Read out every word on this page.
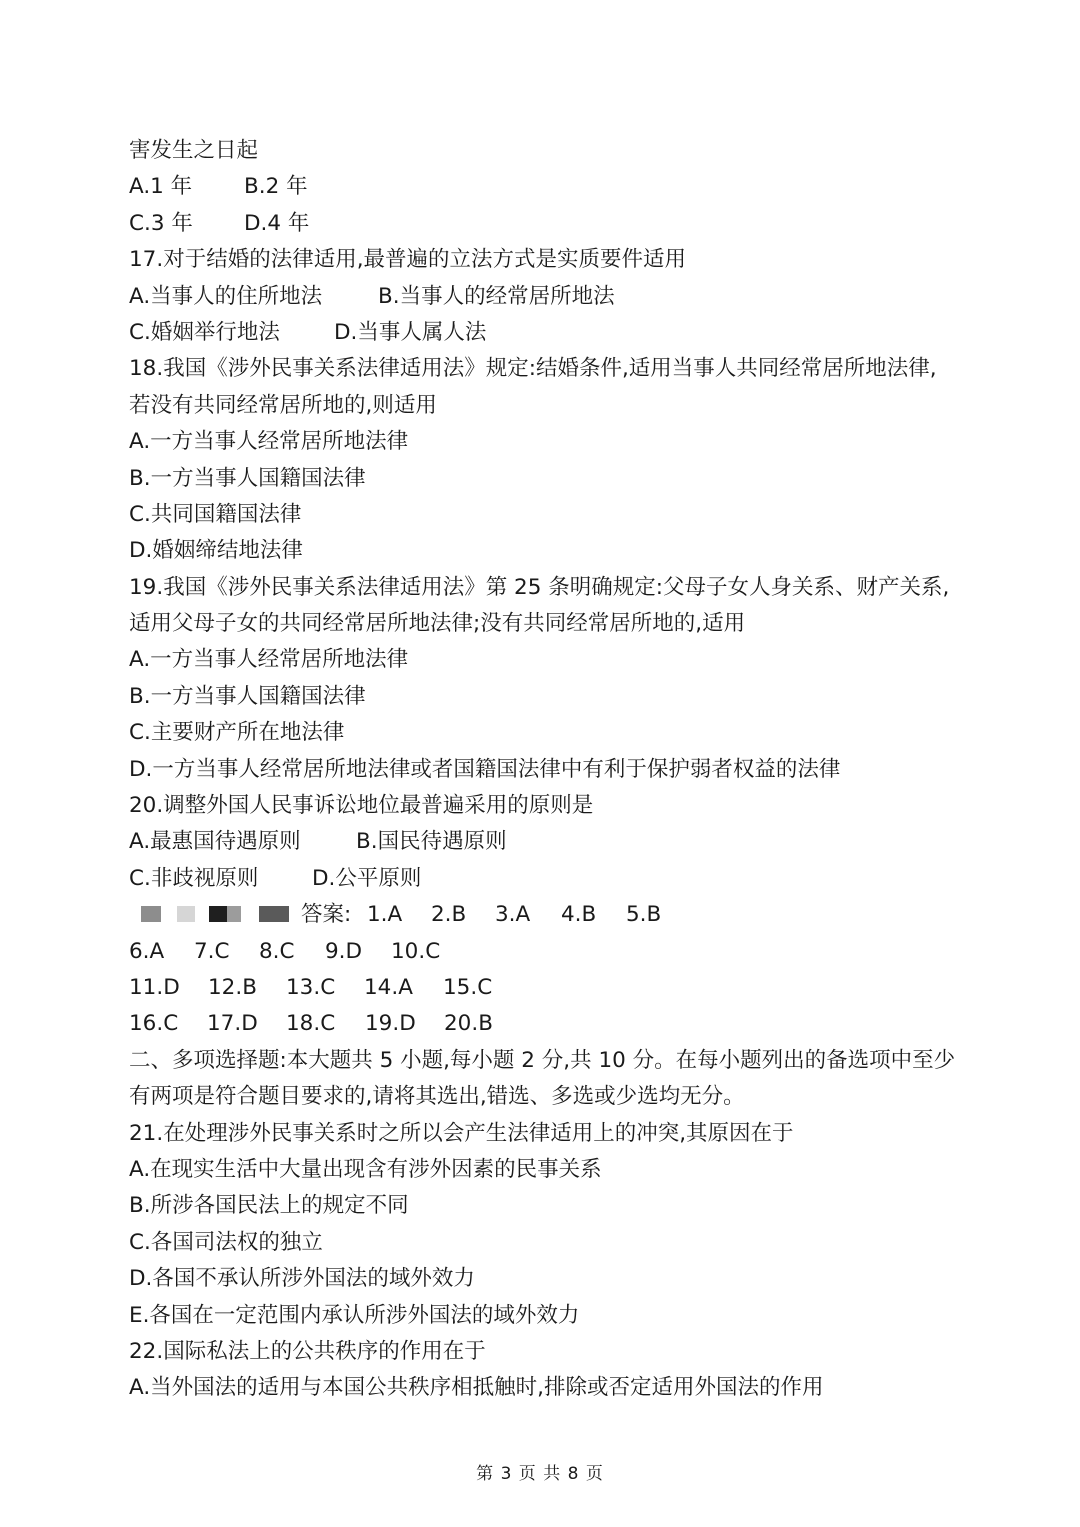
害发生之日起
A.1 年 B.2 年
C.3 年 D.4 年
17.对于结婚的法律适用,最普遍的立法方式是实质要件适用
A.当事人的住所地法	B.当事人的经常居所地法
C.婚姻举行地法	D.当事人属人法
18.我国《涉外民事关系法律适用法》规定:结婚条件,适用当事人共同经常居所地法律,
若没有共同经常居所地的,则适用
A.一方当事人经常居所地法律
B.一方当事人国籍国法律
C.共同国籍国法律
D.婚姻缔结地法律
19.我国《涉外民事关系法律适用法》第 25 条明确规定:父母子女人身关系、财产关系,
适用父母子女的共同经常居所地法律;没有共同经常居所地的,适用
A.一方当事人经常居所地法律
B.一方当事人国籍国法律
C.主要财产所在地法律
D.一方当事人经常居所地法律或者国籍国法律中有利于保护弱者权益的法律
20.调整外国人民事诉讼地位最普遍采用的原则是
A.最惠国待遇原则	B.国民待遇原则
C.非歧视原则 D.公平原则
答案: 1.A 2.B 3.A 4.B 5.B
6.A 7.C 8.C 9.D 10.C
11.D 12.B 13.C 14.A 15.C
16.C 17.D 18.C 19.D 20.B
二、多项选择题:本大题共 5 小题,每小题 2 分,共 10 分。在每小题列出的备选项中至少
有两项是符合题目要求的,请将其选出,错选、多选或少选均无分。
21.在处理涉外民事关系时之所以会产生法律适用上的冲突,其原因在于
A.在现实生活中大量出现含有涉外因素的民事关系
B.所涉各国民法上的规定不同
C.各国司法权的独立
D.各国不承认所涉外国法的域外效力
E.各国在一定范围内承认所涉外国法的域外效力
22.国际私法上的公共秩序的作用在于
A.当外国法的适用与本国公共秩序相抵触时,排除或否定适用外国法的作用
第 3 页 共 8 页
